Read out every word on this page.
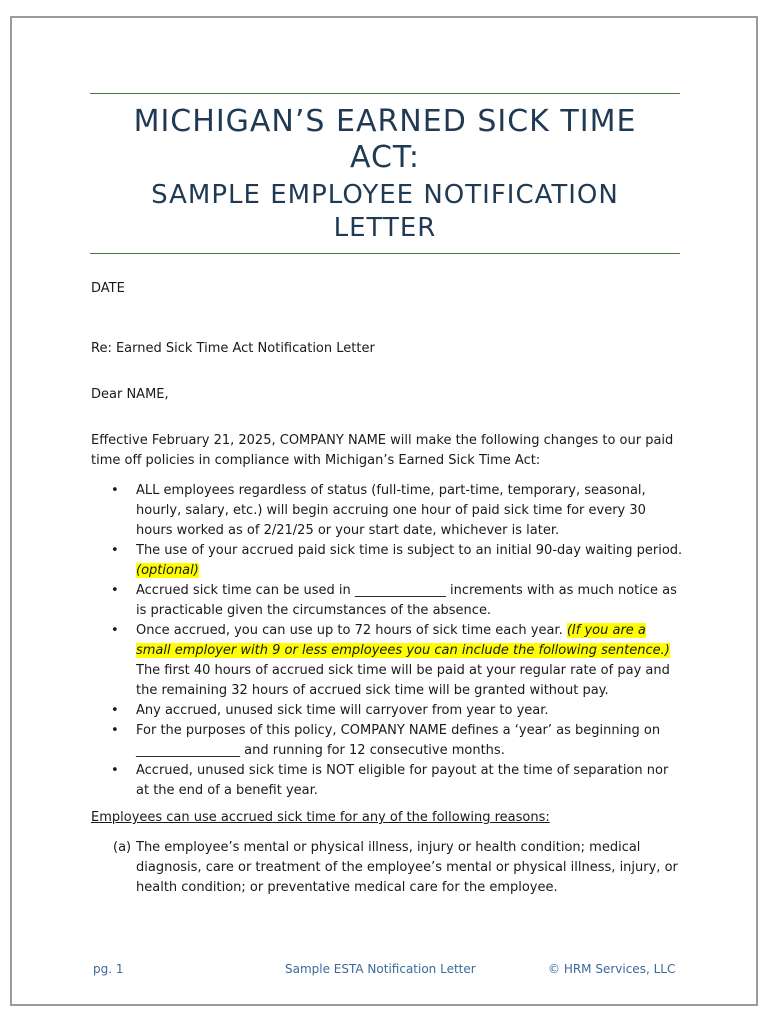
MICHIGAN’S EARNED SICK TIME
ACT:
SAMPLE EMPLOYEE NOTIFICATION
LETTER
DATE
Re: Earned Sick Time Act Notification Letter
Dear NAME,
Effective February 21, 2025, COMPANY NAME will make the following changes to our paid time off policies in compliance with Michigan’s Earned Sick Time Act:
• ALL employees regardless of status (full-time, part-time, temporary, seasonal, hourly, salary, etc.) will begin accruing one hour of paid sick time for every 30 hours worked as of 2/21/25 or your start date, whichever is later.
• The use of your accrued paid sick time is subject to an initial 90-day waiting period. (optional)
• Accrued sick time can be used in ______________ increments with as much notice as is practicable given the circumstances of the absence.
• Once accrued, you can use up to 72 hours of sick time each year. (If you are a small employer with 9 or less employees you can include the following sentence.) The first 40 hours of accrued sick time will be paid at your regular rate of pay and the remaining 32 hours of accrued sick time will be granted without pay.
• Any accrued, unused sick time will carryover from year to year.
• For the purposes of this policy, COMPANY NAME defines a ‘year’ as beginning on ________________ and running for 12 consecutive months.
• Accrued, unused sick time is NOT eligible for payout at the time of separation nor at the end of a benefit year.
Employees can use accrued sick time for any of the following reasons:
(a) The employee’s mental or physical illness, injury or health condition; medical diagnosis, care or treatment of the employee’s mental or physical illness, injury, or health condition; or preventative medical care for the employee.
pg. 1	Sample ESTA Notification Letter	© HRM Services, LLC
